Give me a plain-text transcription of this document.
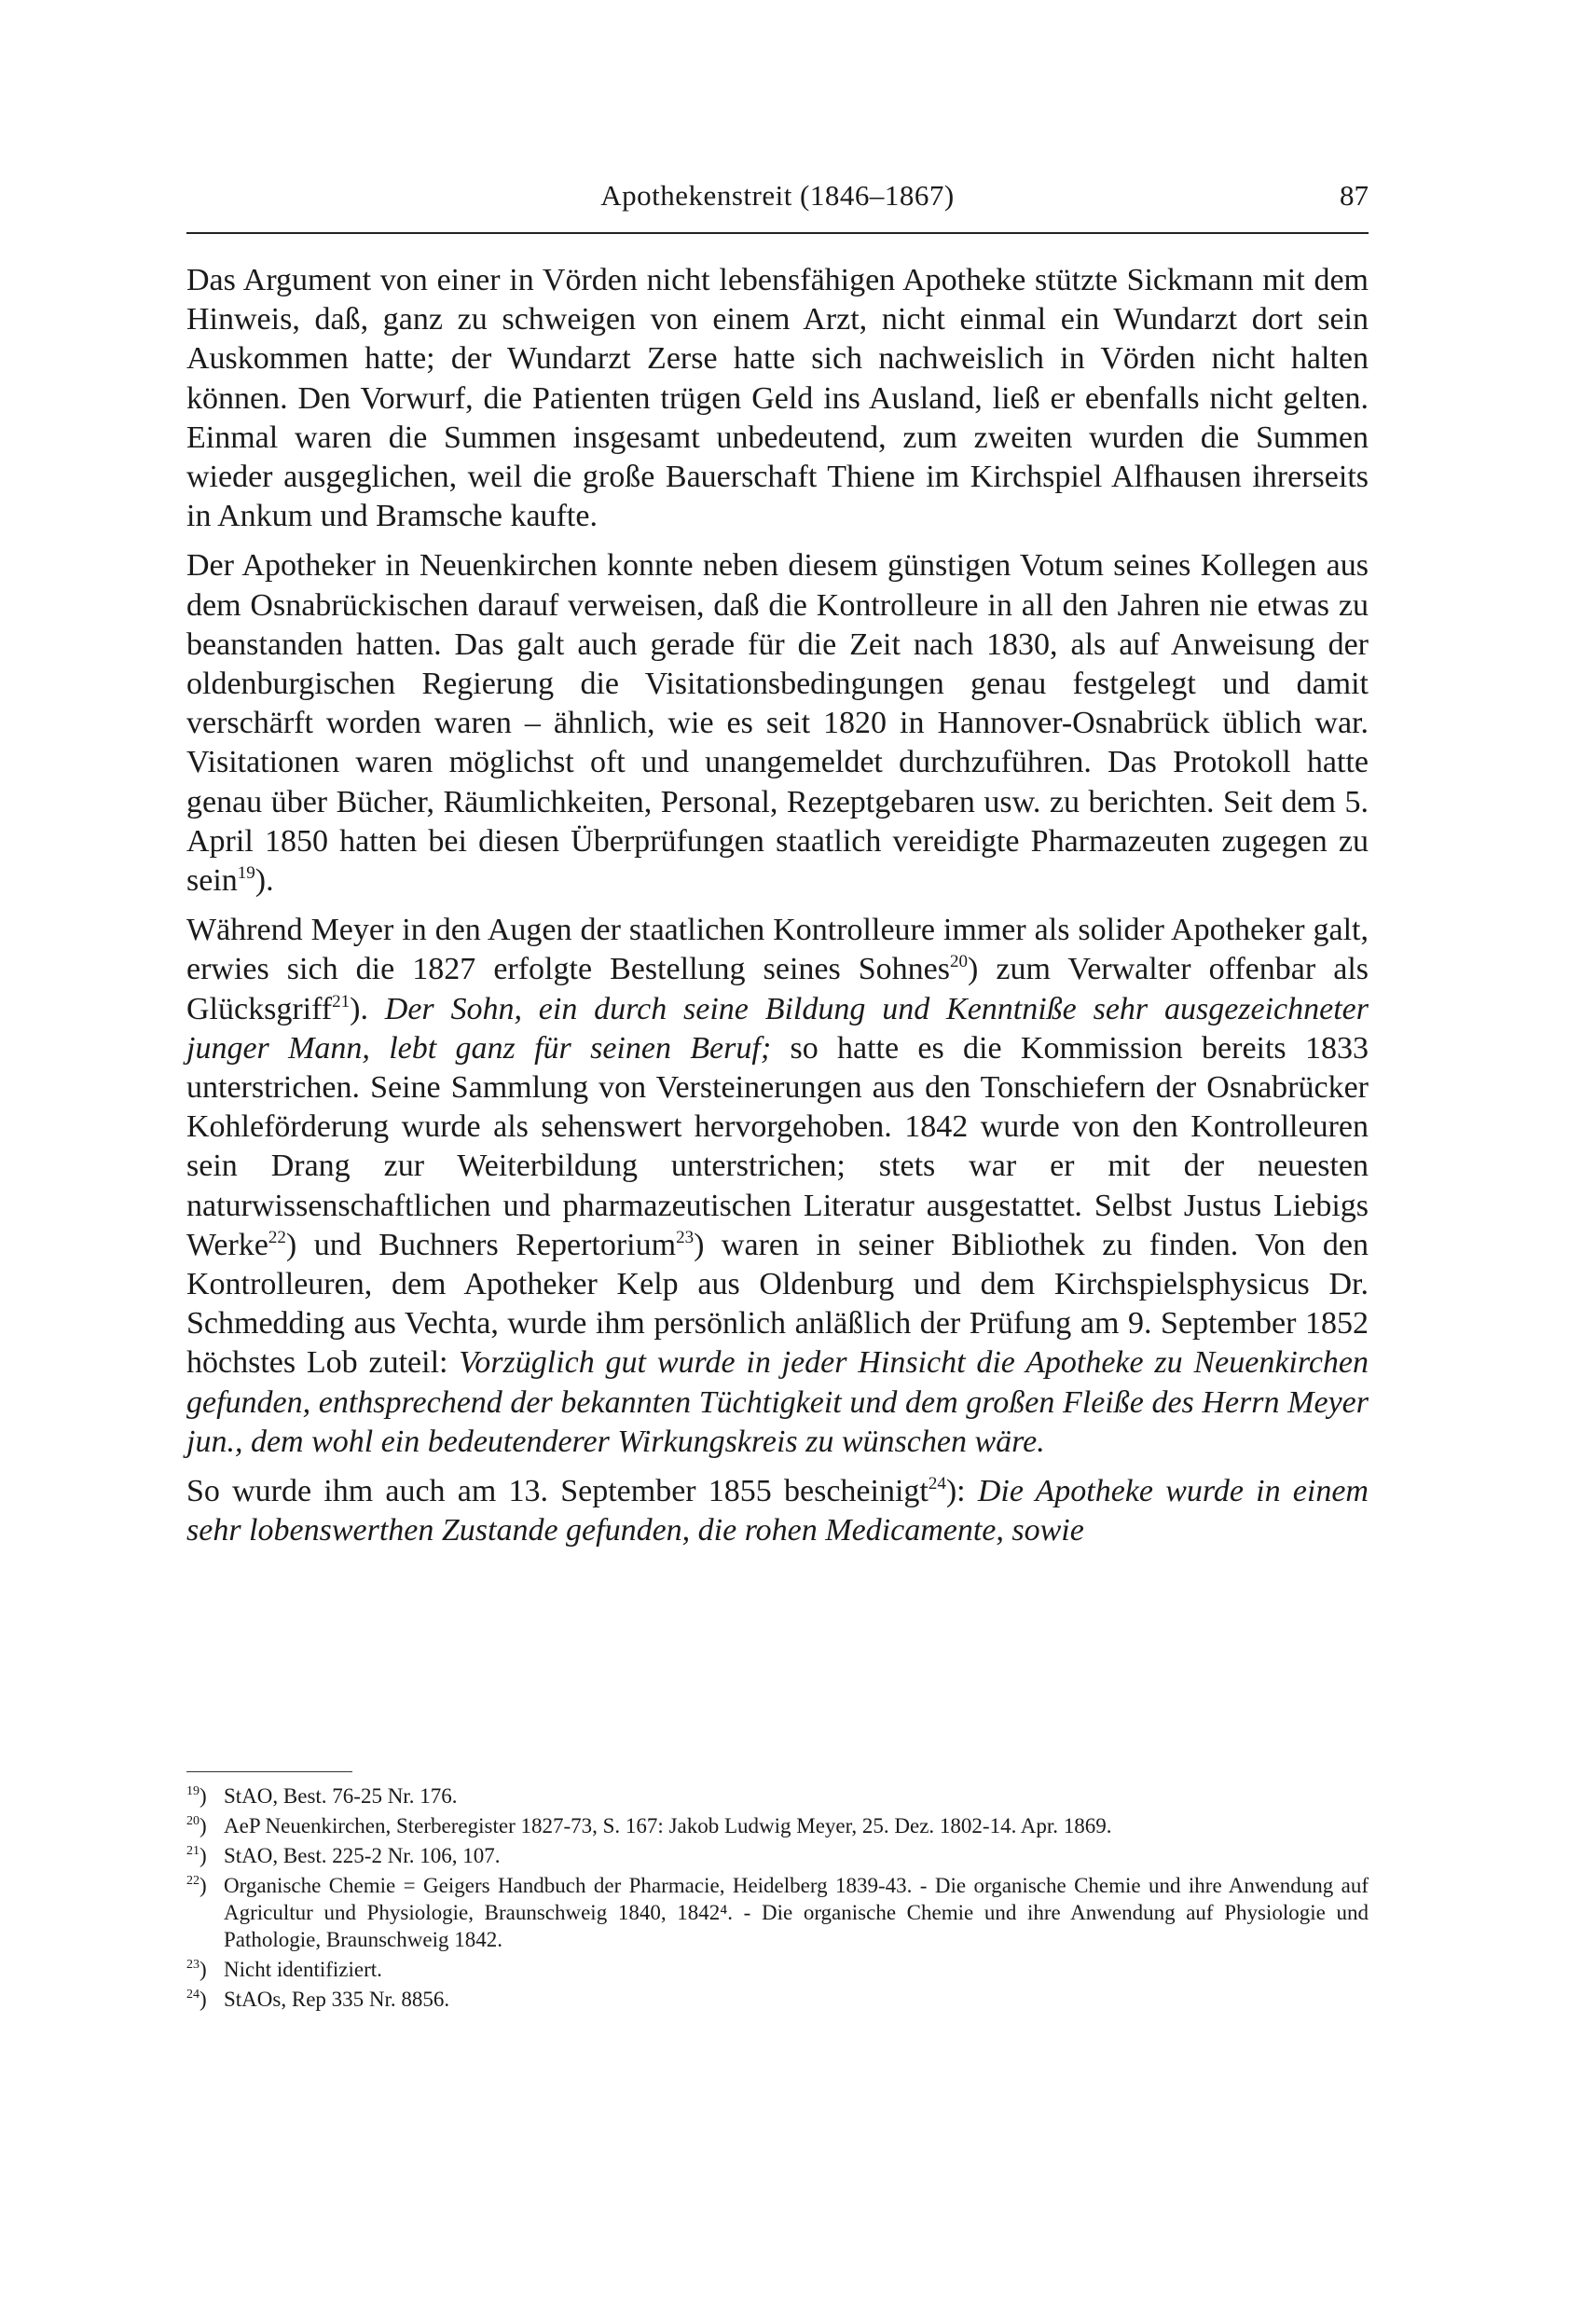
Apothekenstreit (1846–1867)	87

Das Argument von einer in Vörden nicht lebensfähigen Apotheke stützte Sickmann mit dem Hinweis, daß, ganz zu schweigen von einem Arzt, nicht einmal ein Wundarzt dort sein Auskommen hatte; der Wundarzt Zerse hatte sich nachweislich in Vörden nicht halten können. Den Vorwurf, die Patienten trügen Geld ins Ausland, ließ er ebenfalls nicht gelten. Einmal waren die Summen insgesamt unbedeutend, zum zweiten wurden die Summen wieder ausgeglichen, weil die große Bauerschaft Thiene im Kirchspiel Alfhausen ihrerseits in Ankum und Bramsche kaufte.

Der Apotheker in Neuenkirchen konnte neben diesem günstigen Votum seines Kollegen aus dem Osnabrückischen darauf verweisen, daß die Kontrolleure in all den Jahren nie etwas zu beanstanden hatten. Das galt auch gerade für die Zeit nach 1830, als auf Anweisung der oldenburgischen Regierung die Visitationsbedingungen genau festgelegt und damit verschärft worden waren – ähnlich, wie es seit 1820 in Hannover-Osnabrück üblich war. Visitationen waren möglichst oft und unangemeldet durchzuführen. Das Protokoll hatte genau über Bücher, Räumlichkeiten, Personal, Rezeptgebaren usw. zu berichten. Seit dem 5. April 1850 hatten bei diesen Überprüfungen staatlich vereidigte Pharmazeuten zugegen zu sein$^{19}$).

Während Meyer in den Augen der staatlichen Kontrolleure immer als solider Apotheker galt, erwies sich die 1827 erfolgte Bestellung seines Sohnes$^{20}$) zum Verwalter offenbar als Glücksgriff$^{21}$). Der Sohn, ein durch seine Bildung und Kenntniße sehr ausgezeichneter junger Mann, lebt ganz für seinen Beruf; so hatte es die Kommission bereits 1833 unterstrichen. Seine Sammlung von Versteinerungen aus den Tonschiefern der Osnabrücker Kohleförderung wurde als sehenswert hervorgehoben. 1842 wurde von den Kontrolleuren sein Drang zur Weiterbildung unterstrichen; stets war er mit der neuesten naturwissenschaftlichen und pharmazeutischen Literatur ausgestattet. Selbst Justus Liebigs Werke$^{22}$) und Buchners Repertorium$^{23}$) waren in seiner Bibliothek zu finden. Von den Kontrolleuren, dem Apotheker Kelp aus Oldenburg und dem Kirchspielsphysicus Dr. Schmedding aus Vechta, wurde ihm persönlich anläßlich der Prüfung am 9. September 1852 höchstes Lob zuteil: Vorzüglich gut wurde in jeder Hinsicht die Apotheke zu Neuenkirchen gefunden, enthsprechend der bekannten Tüchtigkeit und dem großen Fleiße des Herrn Meyer jun., dem wohl ein bedeutenderer Wirkungskreis zu wünschen wäre.

So wurde ihm auch am 13. September 1855 bescheinigt$^{24}$): Die Apotheke wurde in einem sehr lobenswerthen Zustande gefunden, die rohen Medicamente, sowie

$^{19}$) StAO, Best. 76-25 Nr. 176.
$^{20}$) AeP Neuenkirchen, Sterberegister 1827-73, S. 167: Jakob Ludwig Meyer, 25. Dez. 1802-14. Apr. 1869.
$^{21}$) StAO, Best. 225-2 Nr. 106, 107.
$^{22}$) Organische Chemie = Geigers Handbuch der Pharmacie, Heidelberg 1839-43. - Die organische Chemie und ihre Anwendung auf Agricultur und Physiologie, Braunschweig 1840, 1842⁴. - Die organische Chemie und ihre Anwendung auf Physiologie und Pathologie, Braunschweig 1842.
$^{23}$) Nicht identifiziert.
$^{24}$) StAOs, Rep 335 Nr. 8856.
